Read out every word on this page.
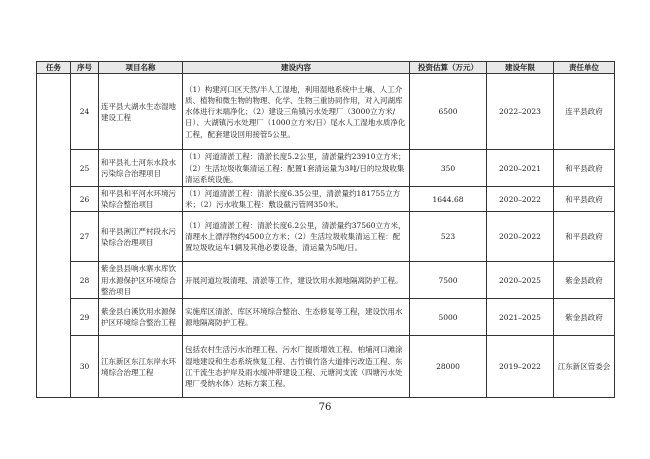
任务	序号	项目名称	建设内容	投资估算（万元）	建设年限	责任单位
	24	连平县大湖水生态湿地建设工程	（1）构建河口区天然/半人工湿地，利用湿地系统中土壤、人工介质、植物和微生物的物理、化学、生物三重协同作用，对入河湖库水体进行末端净化；（2）建设三角镇污水处理厂（3000立方米/日）、大湖镇污水处理厂（1000立方米/日）尾水人工湿地水质净化工程，配套建设回用接管5公里。	6500	2022–2023	连平县政府
	25	和平县礼士河东水段水污染综合治理项目	（1）河道清淤工程：清淤长度5.2公里，清淤量约23910立方米；（2）生活垃圾收集清运工程：配置1套清运量为3吨/日的垃圾收集清运系统设施。	350	2020–2021	和平县政府
	26	和平县和平河水环境污染综合整治项目	（1）河道清淤工程：清淤长度6.35公里，清淤量约181755立方米；（2）污水收集工程：敷设截污管网350米。	1644.68	2020–2022	和平县政府
	27	和平县浰江严村段水污染综合治理项目	（1）河道清淤工程：清淤长度6.2公里，清淤量约37560立方米，清理水上漂浮物约4500立方米；（2）生活垃圾收集清运工程：配置垃圾收运车1辆及其他必要设备，清运量为5吨/日。	523	2020–2022	和平县政府
	28	紫金县县响水寨水库饮用水源保护区环境综合整治项目	开展河道垃圾清理、清淤等工作，建设饮用水源地隔离防护工程。	7500	2020–2025	紫金县政府
	29	紫金县白溪饮用水源保护区环境综合整治工程	实施库区清淤、库区环境综合整治、生态修复等工程，建设饮用水源地隔离防护工程。	5000	2021–2025	紫金县政府
	30	江东新区东江东岸水环境综合治理工程	包括农村生活污水治理工程、污水厂提质增效工程、柏埔河口滩涂湿地建设和生态系统恢复工程、古竹镇竹洛大道排污改造工程、东江干流生态护岸及雨水缓冲带建设工程、元塘河支流（四塘污水处理厂受纳水体）达标方案工程。	28000	2019–2022	江东新区管委会
76
